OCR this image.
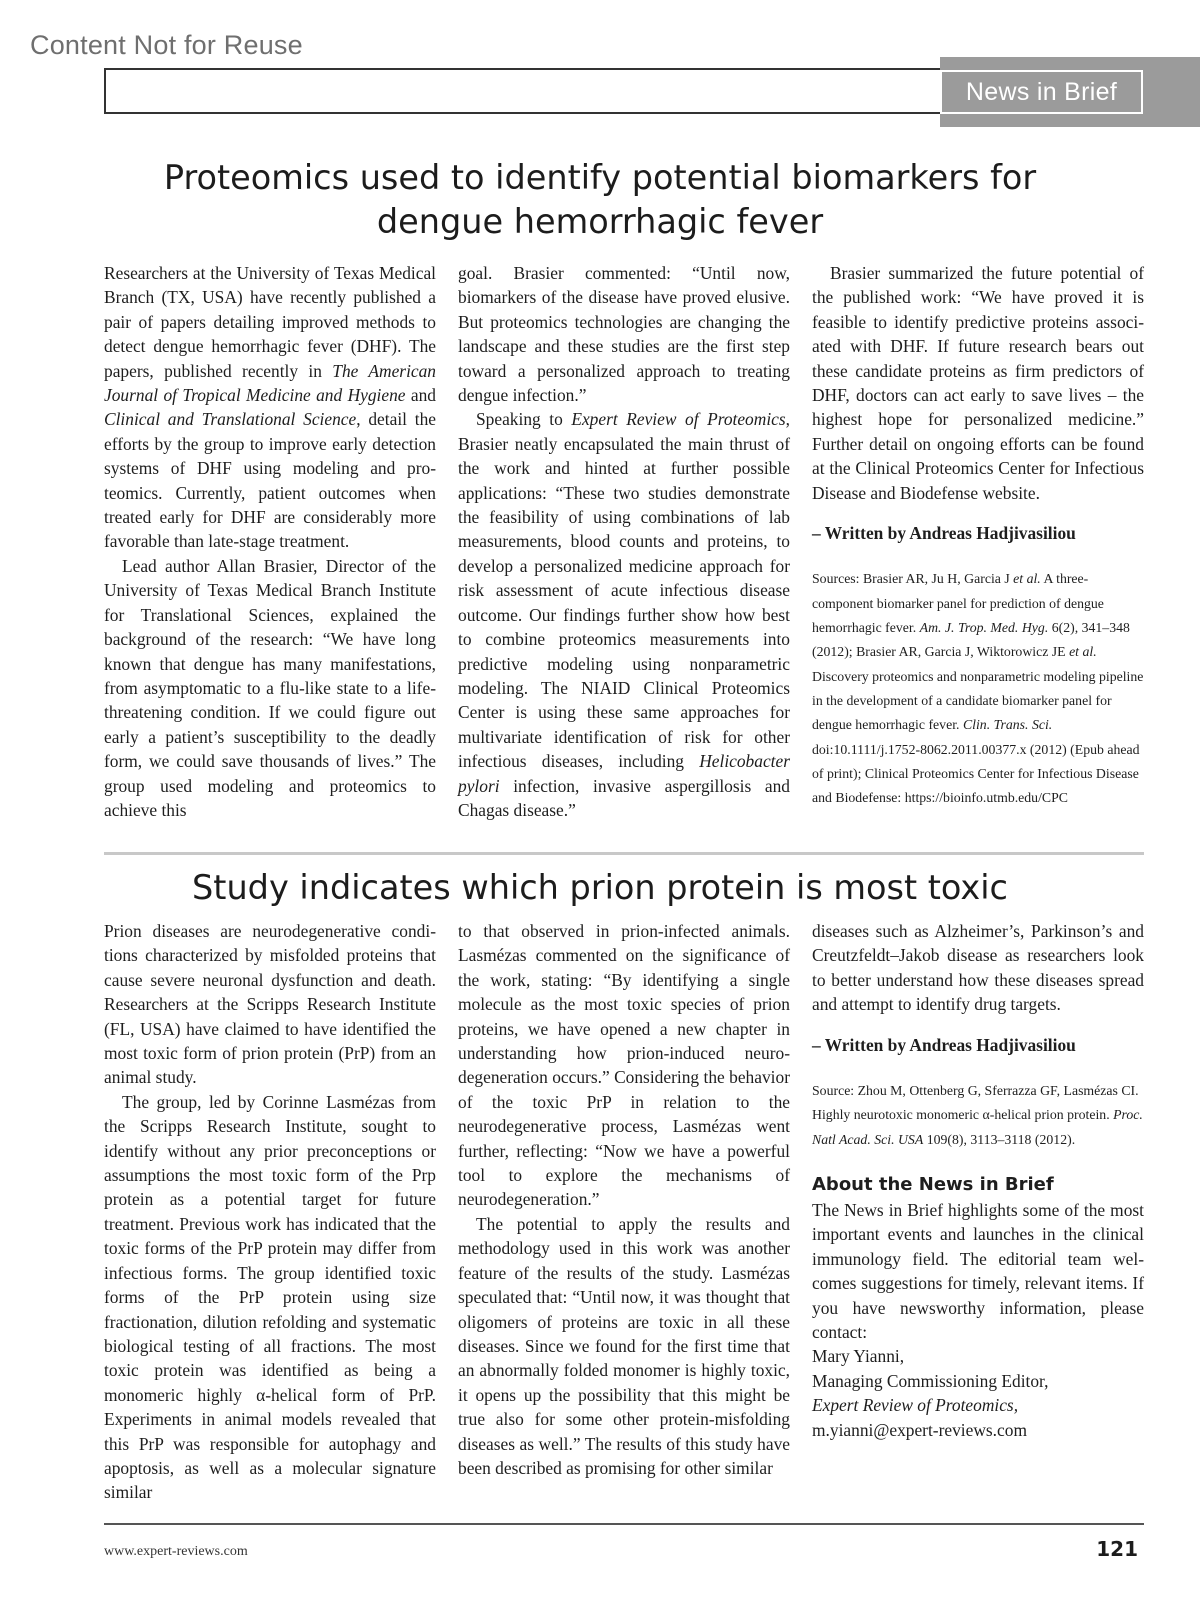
Content Not for Reuse
News in Brief
Proteomics used to identify potential biomarkers for dengue hemorrhagic fever

Researchers at the University of Texas Medical Branch (TX, USA) have recently published a pair of papers detailing improved methods to detect dengue hemorrhagic fever (DHF). The papers, published recently in The American Journal of Tropical Medicine and Hygiene and Clinical and Translational Science, detail the efforts by the group to improve early detection systems of DHF using modeling and proteomics. Currently, patient outcomes when treated early for DHF are considerably more favorable than late-stage treatment.

Lead author Allan Brasier, Director of the University of Texas Medical Branch Institute for Translational Sciences, explained the background of the research: “We have long known that dengue has many manifestations, from asymptomatic to a flu-like state to a life-threatening condition. If we could figure out early a patient’s susceptibility to the deadly form, we could save thousands of lives.” The group used modeling and proteomics to achieve this

goal. Brasier commented: “Until now, biomarkers of the disease have proved elusive. But proteomics technologies are changing the landscape and these studies are the first step toward a personalized approach to treating dengue infection.”

Speaking to Expert Review of Proteomics, Brasier neatly encapsulated the main thrust of the work and hinted at further possible applications: “These two studies demonstrate the feasibility of using combinations of lab measurements, blood counts and proteins, to develop a personalized medicine approach for risk assessment of acute infectious disease outcome. Our findings further show how best to combine proteomics measurements into predictive modeling using nonparametric modeling. The NIAID Clinical Proteomics Center is using these same approaches for multivariate identification of risk for other infectious diseases, including Helicobacter pylori infection, invasive aspergillosis and Chagas disease.”

Brasier summarized the future potential of the published work: “We have proved it is feasible to identify predictive proteins associated with DHF. If future research bears out these candidate proteins as firm predictors of DHF, doctors can act early to save lives – the highest hope for personalized medicine.” Further detail on ongoing efforts can be found at the Clinical Proteomics Center for Infectious Disease and Biodefense website.

– Written by Andreas Hadjivasiliou

Sources: Brasier AR, Ju H, Garcia J et al. A three-component biomarker panel for prediction of dengue hemorrhagic fever. Am. J. Trop. Med. Hyg. 6(2), 341–348 (2012); Brasier AR, Garcia J, Wiktorowicz JE et al. Discovery proteomics and nonparametric modeling pipeline in the development of a candidate biomarker panel for dengue hemorrhagic fever. Clin. Trans. Sci. doi:10.1111/j.1752-8062.2011.00377.x (2012) (Epub ahead of print); Clinical Proteomics Center for Infectious Disease and Biodefense: https://bioinfo.utmb.edu/CPC

Study indicates which prion protein is most toxic

Prion diseases are neurodegenerative conditions characterized by misfolded proteins that cause severe neuronal dysfunction and death. Researchers at the Scripps Research Institute (FL, USA) have claimed to have identified the most toxic form of prion protein (PrP) from an animal study.

The group, led by Corinne Lasmézas from the Scripps Research Institute, sought to identify without any prior preconceptions or assumptions the most toxic form of the Prp protein as a potential target for future treatment. Previous work has indicated that the toxic forms of the PrP protein may differ from infectious forms. The group identified toxic forms of the PrP protein using size fractionation, dilution refolding and systematic biological testing of all fractions. The most toxic protein was identified as being a monomeric highly α-helical form of PrP. Experiments in animal models revealed that this PrP was responsible for autophagy and apoptosis, as well as a molecular signature similar

to that observed in prion-infected animals. Lasmézas commented on the significance of the work, stating: “By identifying a single molecule as the most toxic species of prion proteins, we have opened a new chapter in understanding how prion-induced neurodegeneration occurs.” Considering the behavior of the toxic PrP in relation to the neurodegenerative process, Lasmézas went further, reflecting: “Now we have a powerful tool to explore the mechanisms of neurodegeneration.”

The potential to apply the results and methodology used in this work was another feature of the results of the study. Lasmézas speculated that: “Until now, it was thought that oligomers of proteins are toxic in all these diseases. Since we found for the first time that an abnormally folded monomer is highly toxic, it opens up the possibility that this might be true also for some other protein-misfolding diseases as well.” The results of this study have been described as promising for other similar

diseases such as Alzheimer’s, Parkinson’s and Creutzfeldt–Jakob disease as researchers look to better understand how these diseases spread and attempt to identify drug targets.

– Written by Andreas Hadjivasiliou

Source: Zhou M, Ottenberg G, Sferrazza GF, Lasmézas CI. Highly neurotoxic monomeric α-helical prion protein. Proc. Natl Acad. Sci. USA 109(8), 3113–3118 (2012).

About the News in Brief

The News in Brief highlights some of the most important events and launches in the clinical immunology field. The editorial team welcomes suggestions for timely, relevant items. If you have newsworthy information, please contact:

Mary Yianni,

Managing Commissioning Editor,

Expert Review of Proteomics,

m.yianni@expert-reviews.com

www.expert-reviews.com	121
